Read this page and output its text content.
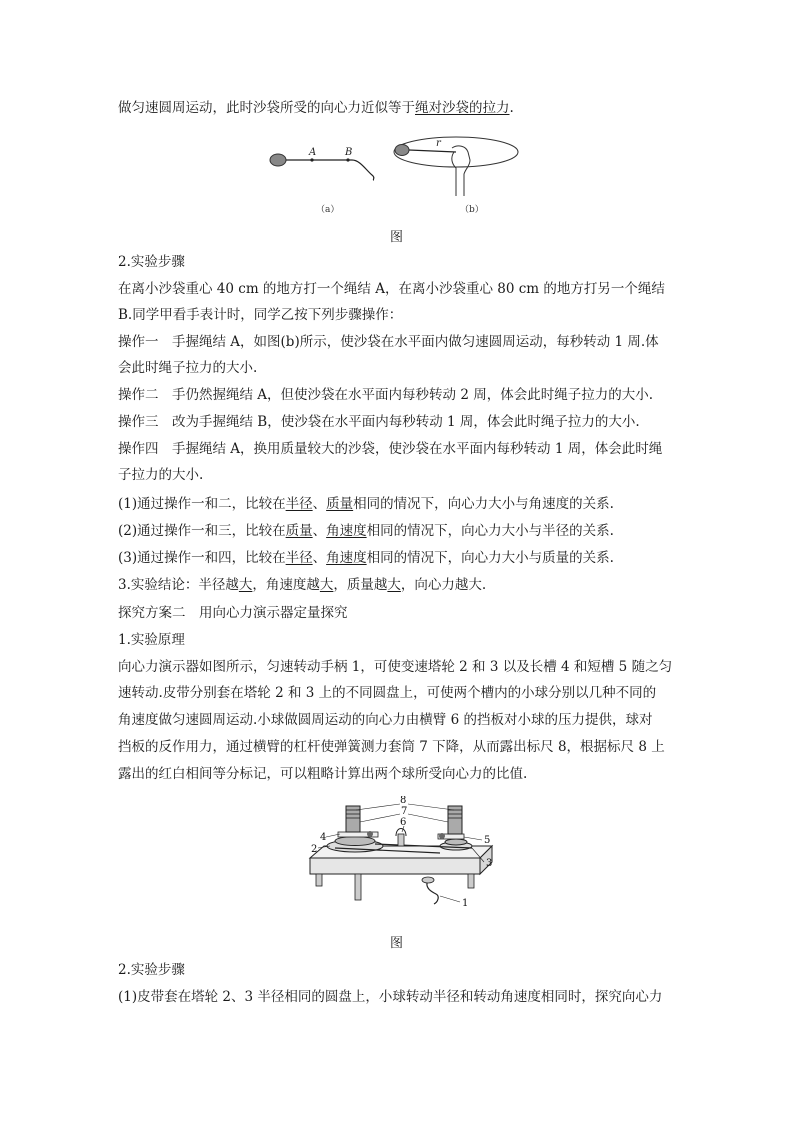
做匀速圆周运动，此时沙袋所受的向心力近似等于绳对沙袋的拉力.
A	B
（a）
r
（b）
图
2.实验步骤
在离小沙袋重心 40 cm 的地方打一个绳结 A，在离小沙袋重心 80 cm 的地方打另一个绳结
B.同学甲看手表计时，同学乙按下列步骤操作：
操作一　手握绳结 A，如图(b)所示，使沙袋在水平面内做匀速圆周运动，每秒转动 1 周.体
会此时绳子拉力的大小.
操作二　手仍然握绳结 A，但使沙袋在水平面内每秒转动 2 周，体会此时绳子拉力的大小.
操作三　改为手握绳结 B，使沙袋在水平面内每秒转动 1 周，体会此时绳子拉力的大小.
操作四　手握绳结 A，换用质量较大的沙袋，使沙袋在水平面内每秒转动 1 周，体会此时绳
子拉力的大小.
(1)通过操作一和二，比较在半径、质量相同的情况下，向心力大小与角速度的关系.
(2)通过操作一和三，比较在质量、角速度相同的情况下，向心力大小与半径的关系.
(3)通过操作一和四，比较在半径、角速度相同的情况下，向心力大小与质量的关系.
3.实验结论：半径越大，角速度越大，质量越大，向心力越大.
探究方案二　用向心力演示器定量探究
1.实验原理
向心力演示器如图所示，匀速转动手柄 1，可使变速塔轮 2 和 3 以及长槽 4 和短槽 5 随之匀
速转动.皮带分别套在塔轮 2 和 3 上的不同圆盘上，可使两个槽内的小球分别以几种不同的
角速度做匀速圆周运动.小球做圆周运动的向心力由横臂 6 的挡板对小球的压力提供，球对
挡板的反作用力，通过横臂的杠杆使弹簧测力套筒 7 下降，从而露出标尺 8，根据标尺 8 上
露出的红白相间等分标记，可以粗略计算出两个球所受向心力的比值.
8
7
6
4
2
5
3
1
图
2.实验步骤
(1)皮带套在塔轮 2、3 半径相同的圆盘上，小球转动半径和转动角速度相同时，探究向心力
